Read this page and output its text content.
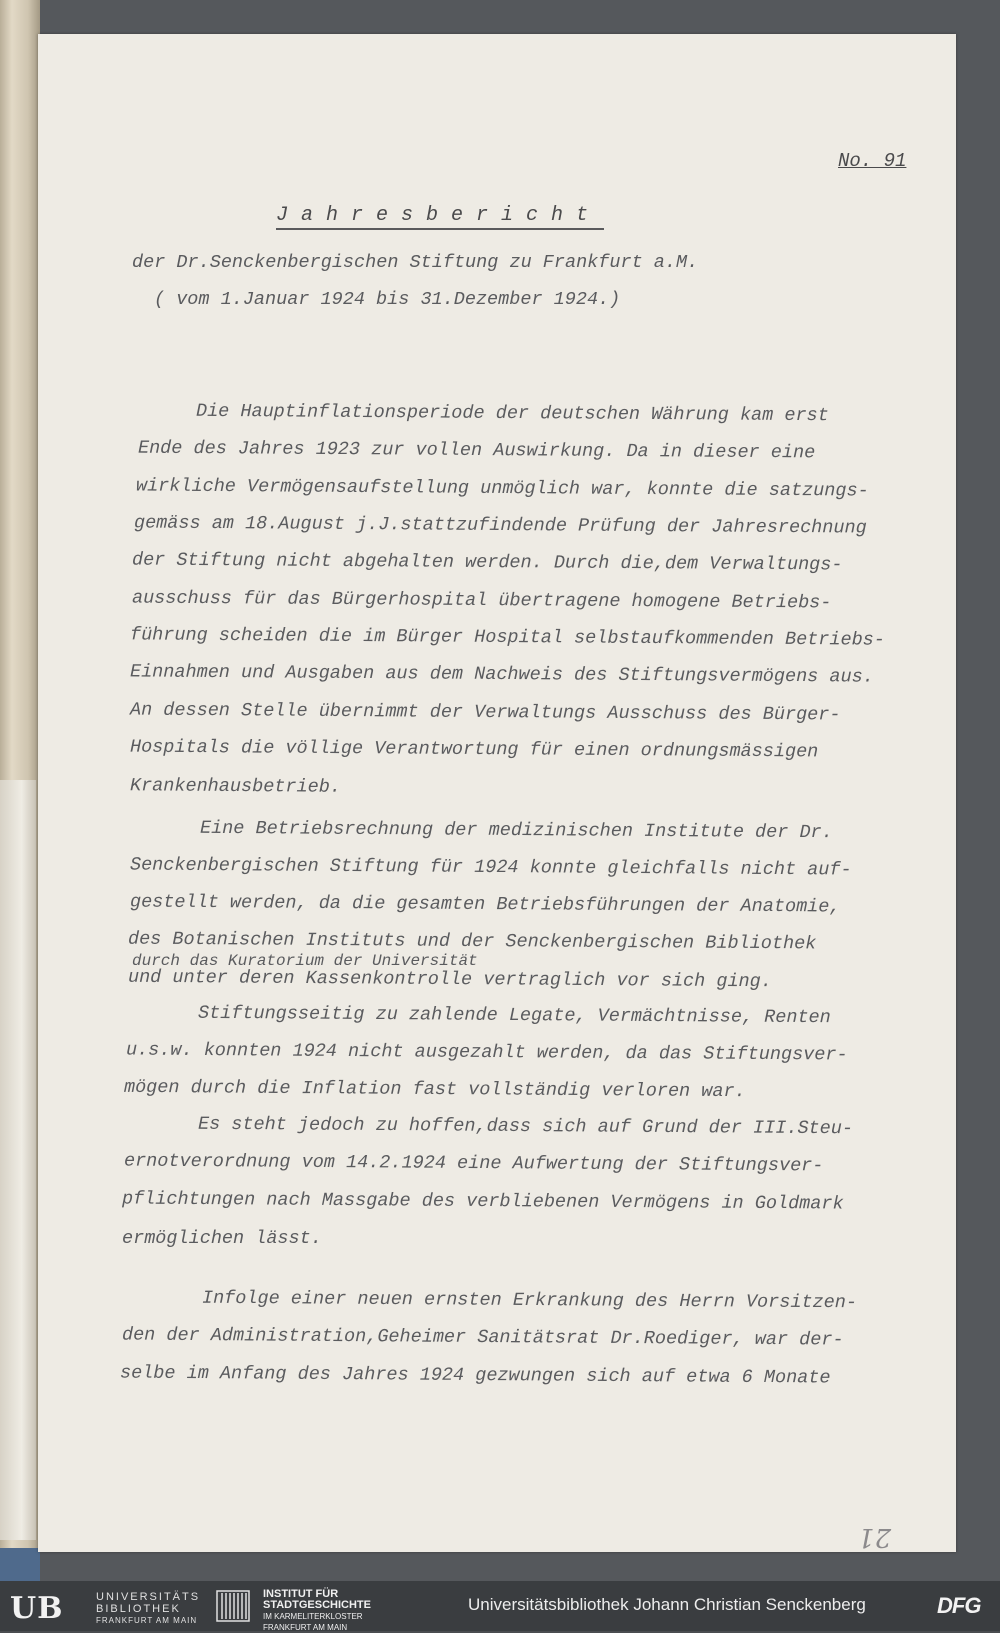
No. 91
Jahresbericht
der Dr.Senckenbergischen Stiftung zu Frankfurt a.M.
( vom 1.Januar 1924 bis 31.Dezember 1924.)
Die Hauptinflationsperiode der deutschen Währung kam erst
Ende des Jahres 1923 zur vollen Auswirkung. Da in dieser eine
wirkliche Vermögensaufstellung unmöglich war, konnte die satzungs-
gemäss am 18.August j.J.stattzufindende Prüfung der Jahresrechnung
der Stiftung nicht abgehalten werden. Durch die,dem Verwaltungs-
ausschuss für das Bürgerhospital übertragene homogene Betriebs-
führung scheiden die im Bürger Hospital selbstaufkommenden Betriebs-
Einnahmen und Ausgaben aus dem Nachweis des Stiftungsvermögens aus.
An dessen Stelle übernimmt der Verwaltungs Ausschuss des Bürger-
Hospitals die völlige Verantwortung für einen ordnungsmässigen
Krankenhausbetrieb.
Eine Betriebsrechnung der medizinischen Institute der Dr.
Senckenbergischen Stiftung für 1924 konnte gleichfalls nicht auf-
gestellt werden, da die gesamten Betriebsführungen der Anatomie,
des Botanischen Instituts und der Senckenbergischen Bibliothek
durch das Kuratorium der Universität
und unter deren Kassenkontrolle vertraglich vor sich ging.
Stiftungsseitig zu zahlende Legate, Vermächtnisse, Renten
u.s.w. konnten 1924 nicht ausgezahlt werden, da das Stiftungsver-
mögen durch die Inflation fast vollständig verloren war.
Es steht jedoch zu hoffen,dass sich auf Grund der III.Steu-
ernotverordnung vom 14.2.1924 eine Aufwertung der Stiftungsver-
pflichtungen nach Massgabe des verbliebenen Vermögens in Goldmark
ermöglichen lässt.
Infolge einer neuen ernsten Erkrankung des Herrn Vorsitzen-
den der Administration,Geheimer Sanitätsrat Dr.Roediger, war der-
selbe im Anfang des Jahres 1924 gezwungen sich auf etwa 6 Monate
21
UB	UNIVERSITÄTS
BIBLIOTHEK
FRANKFURT AM MAIN
INSTITUT FÜR
STADTGESCHICHTE
IM KARMELITERKLOSTER
FRANKFURT AM MAIN
Universitätsbibliothek Johann Christian Senckenberg	DFG
